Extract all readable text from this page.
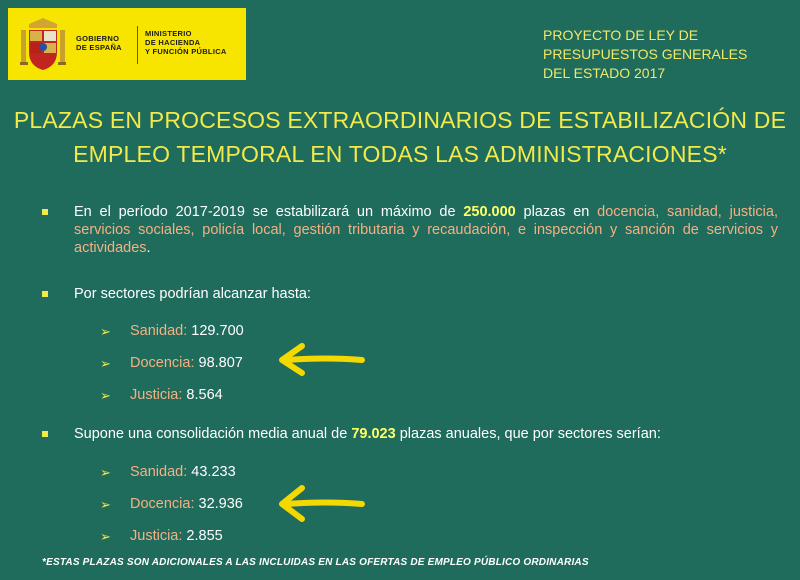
GOBIERNO
DE ESPAÑA
MINISTERIO
DE HACIENDA
Y FUNCIÓN PÚBLICA
PROYECTO DE LEY DE
PRESUPUESTOS GENERALES
DEL ESTADO 2017
PLAZAS EN PROCESOS EXTRAORDINARIOS DE ESTABILIZACIÓN DE
EMPLEO TEMPORAL EN TODAS LAS ADMINISTRACIONES*
En el período 2017-2019 se estabilizará un máximo de 250.000 plazas en docencia, sanidad, justicia, servicios sociales, policía local, gestión tributaria y recaudación, e inspección y sanción de servicios y actividades.
Por sectores podrían alcanzar hasta:
➢ Sanidad: 129.700
➢ Docencia: 98.807
➢ Justicia: 8.564
Supone una consolidación media anual de 79.023 plazas anuales, que por sectores serían:
➢ Sanidad: 43.233
➢ Docencia: 32.936
➢ Justicia: 2.855
*ESTAS PLAZAS SON ADICIONALES A LAS INCLUIDAS EN LAS OFERTAS DE EMPLEO PÚBLICO ORDINARIAS
